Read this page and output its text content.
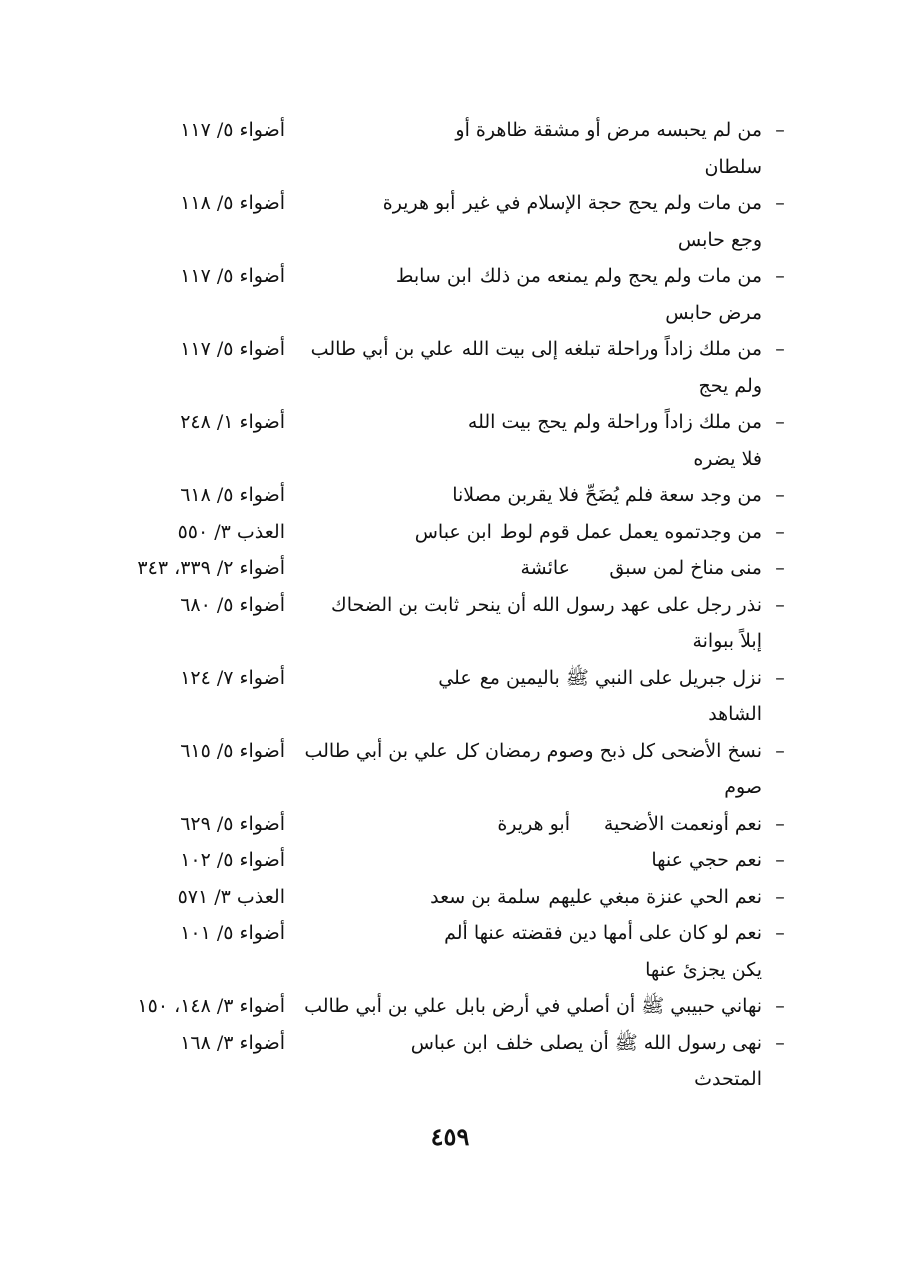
–
من لم يحبسه مرض أو مشقة ظاهرة أو
أضواء ٥/ ١١٧
سلطان
–
من مات ولم يحج حجة الإسلام في غير
أبو هريرة
أضواء ٥/ ١١٨
وجع حابس
–
من مات ولم يحج ولم يمنعه من ذلك
ابن سابط
أضواء ٥/ ١١٧
مرض حابس
–
من ملك زاداً وراحلة تبلغه إلى بيت الله
علي بن أبي طالب
أضواء ٥/ ١١٧
ولم يحج
–
من ملك زاداً وراحلة ولم يحج بيت الله
أضواء ١/ ٢٤٨
فلا يضره
–
من وجد سعة فلم يُضَحِّ فلا يقربن مصلانا
أضواء ٥/ ٦١٨
–
من وجدتموه يعمل عمل قوم لوط
ابن عباس
العذب ٣/ ٥٥٠
–
منى مناخ لمن سبق
عائشة
أضواء ٢/ ٣٣٩، ٣٤٣
–
نذر رجل على عهد رسول الله أن ينحر
ثابت بن الضحاك
أضواء ٥/ ٦٨٠
إبلاً ببوانة
–
نزل جبريل على النبي ﷺ باليمين مع
علي
أضواء ٧/ ١٢٤
الشاهد
–
نسخ الأضحى كل ذبح وصوم رمضان كل
علي بن أبي طالب
أضواء ٥/ ٦١٥
صوم
–
نعم أونعمت الأضحية
أبو هريرة
أضواء ٥/ ٦٢٩
–
نعم حجي عنها
أضواء ٥/ ١٠٢
–
نعم الحي عنزة مبغي عليهم
سلمة بن سعد
العذب ٣/ ٥٧١
–
نعم لو كان على أمها دين فقضته عنها ألم
أضواء ٥/ ١٠١
يكن يجزئ عنها
–
نهاني حبيبي ﷺ أن أصلي في أرض بابل
علي بن أبي طالب
أضواء ٣/ ١٤٨، ١٥٠
–
نهى رسول الله ﷺ أن يصلى خلف
ابن عباس
أضواء ٣/ ١٦٨
المتحدث
٤٥٩
